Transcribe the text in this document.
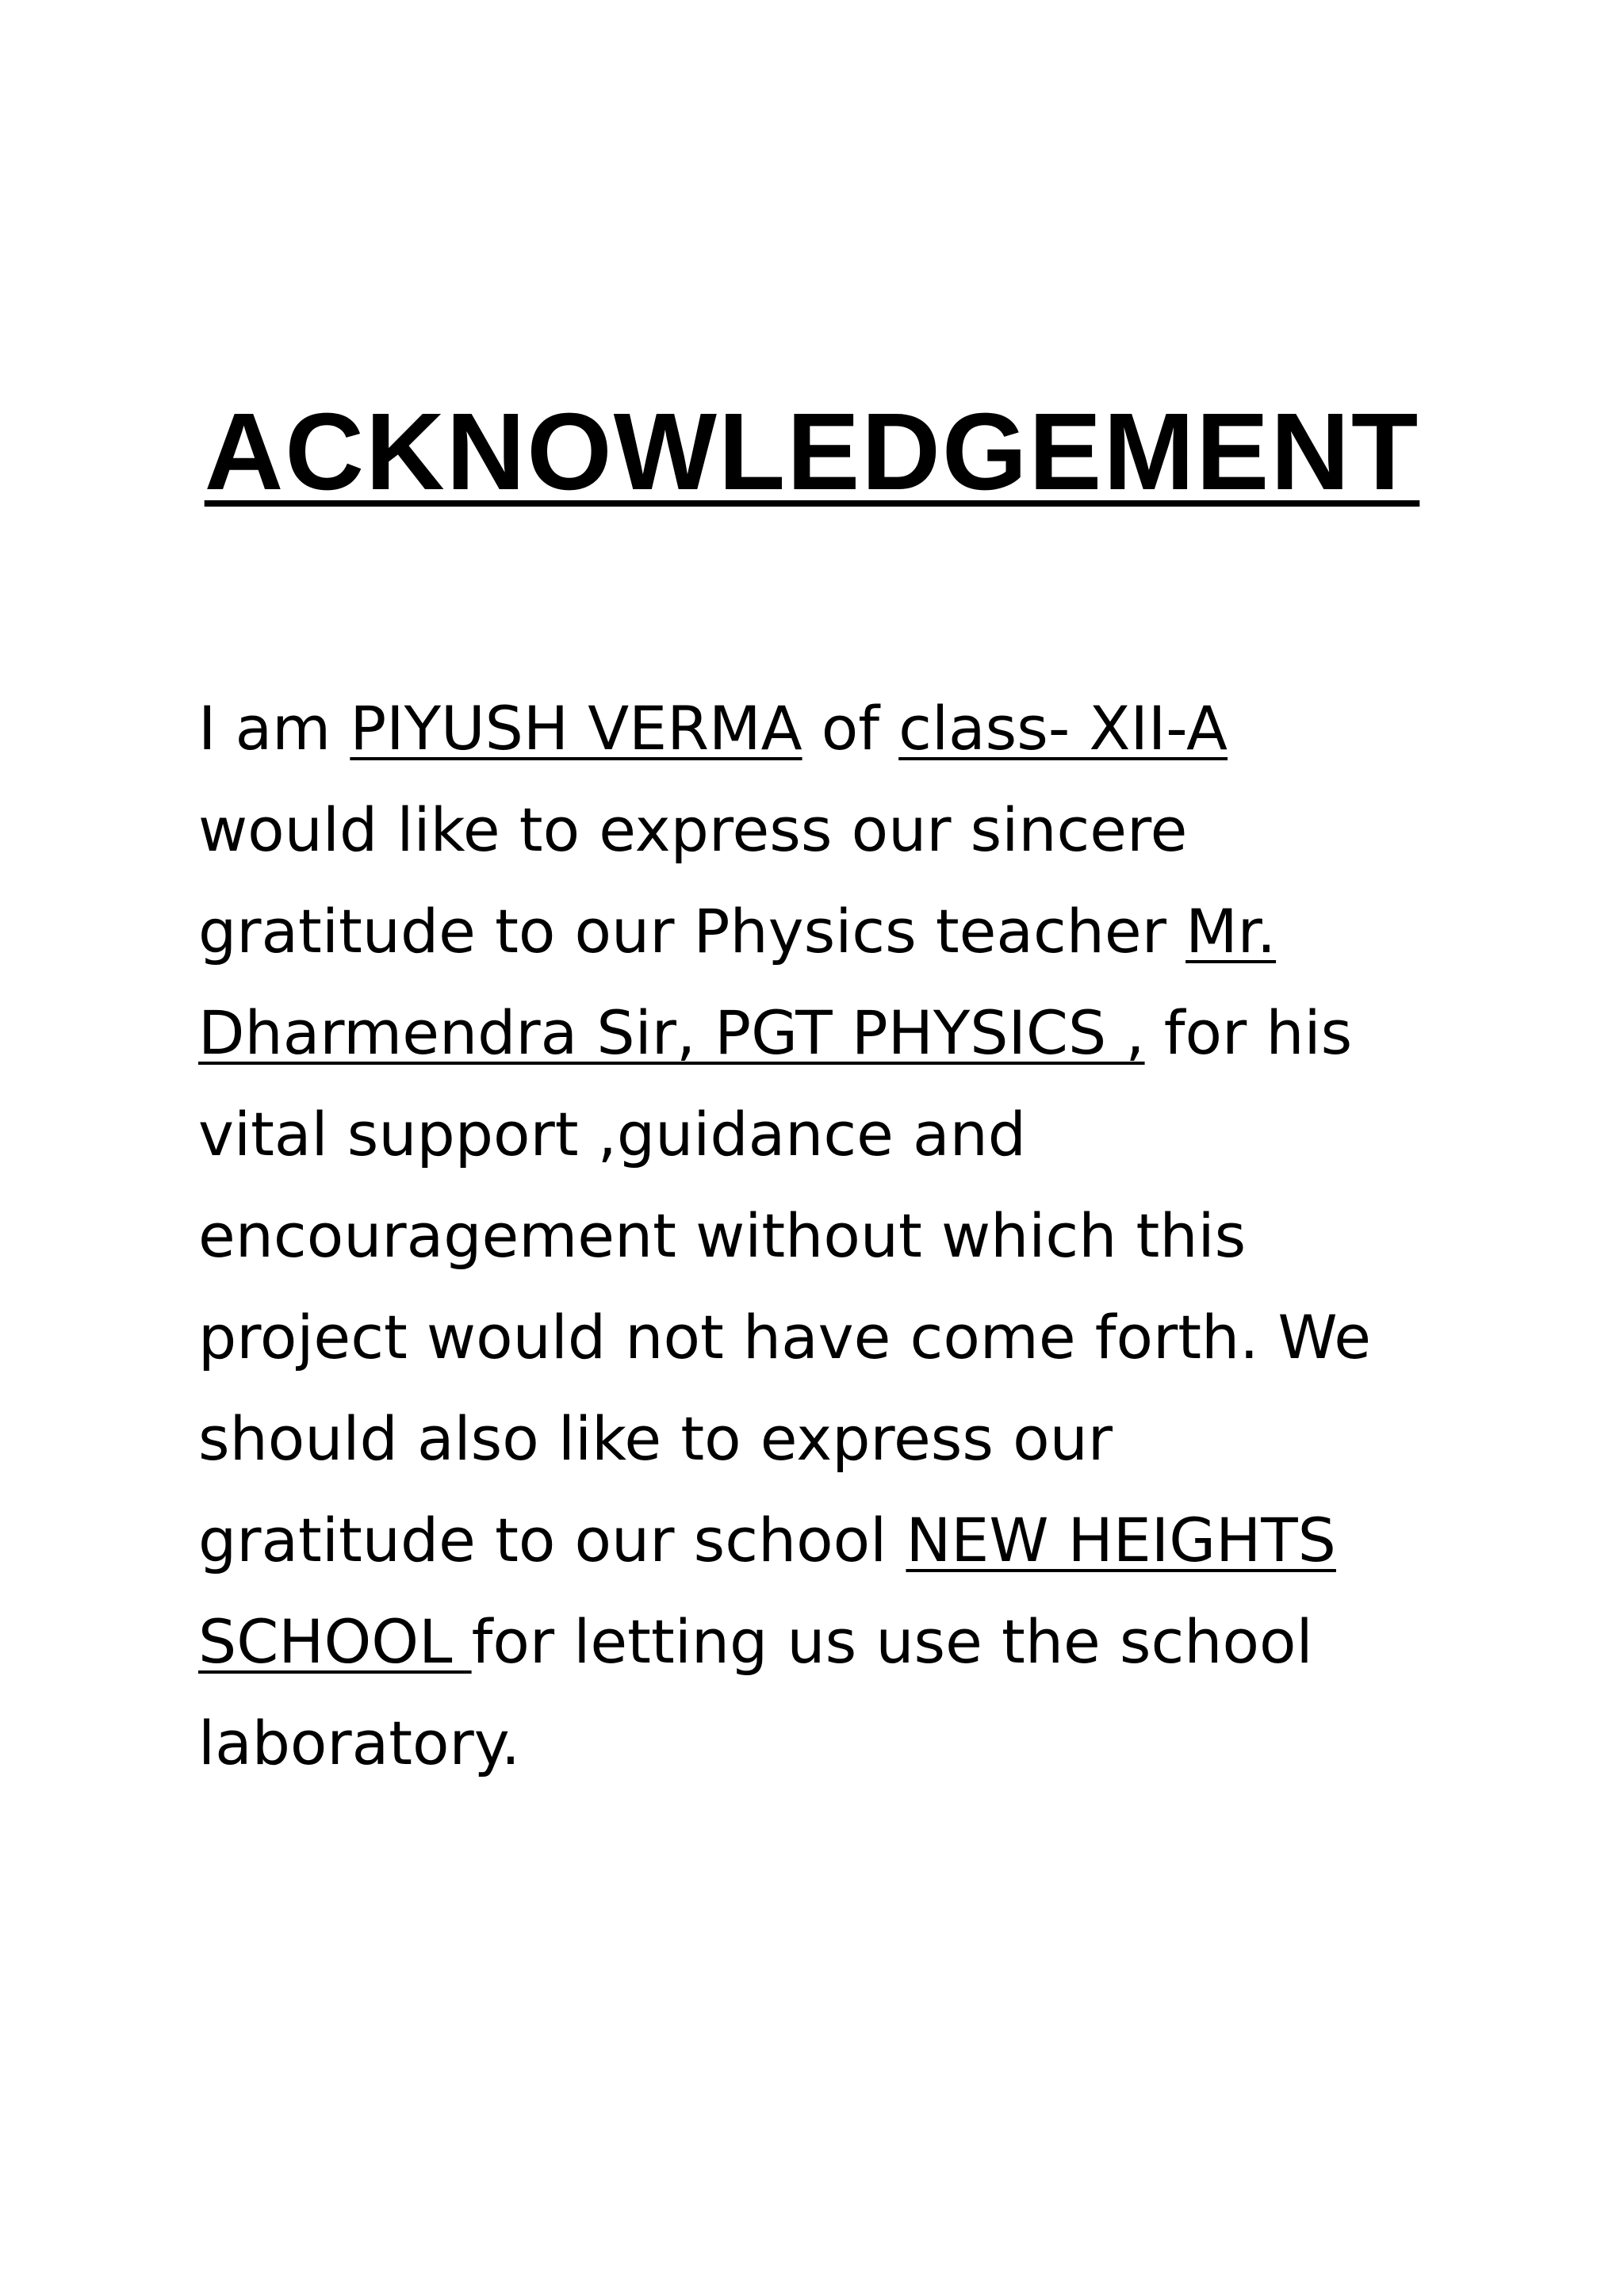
ACKNOWLEDGEMENT
I am PIYUSH VERMA of class- XII-A
would like to express our sincere
gratitude to our Physics teacher Mr.
Dharmendra Sir, PGT PHYSICS , for his
vital support ,guidance and
encouragement without which this
project would not have come forth. We
should also like to express our
gratitude to our school NEW HEIGHTS
SCHOOL for letting us use the school
laboratory.
